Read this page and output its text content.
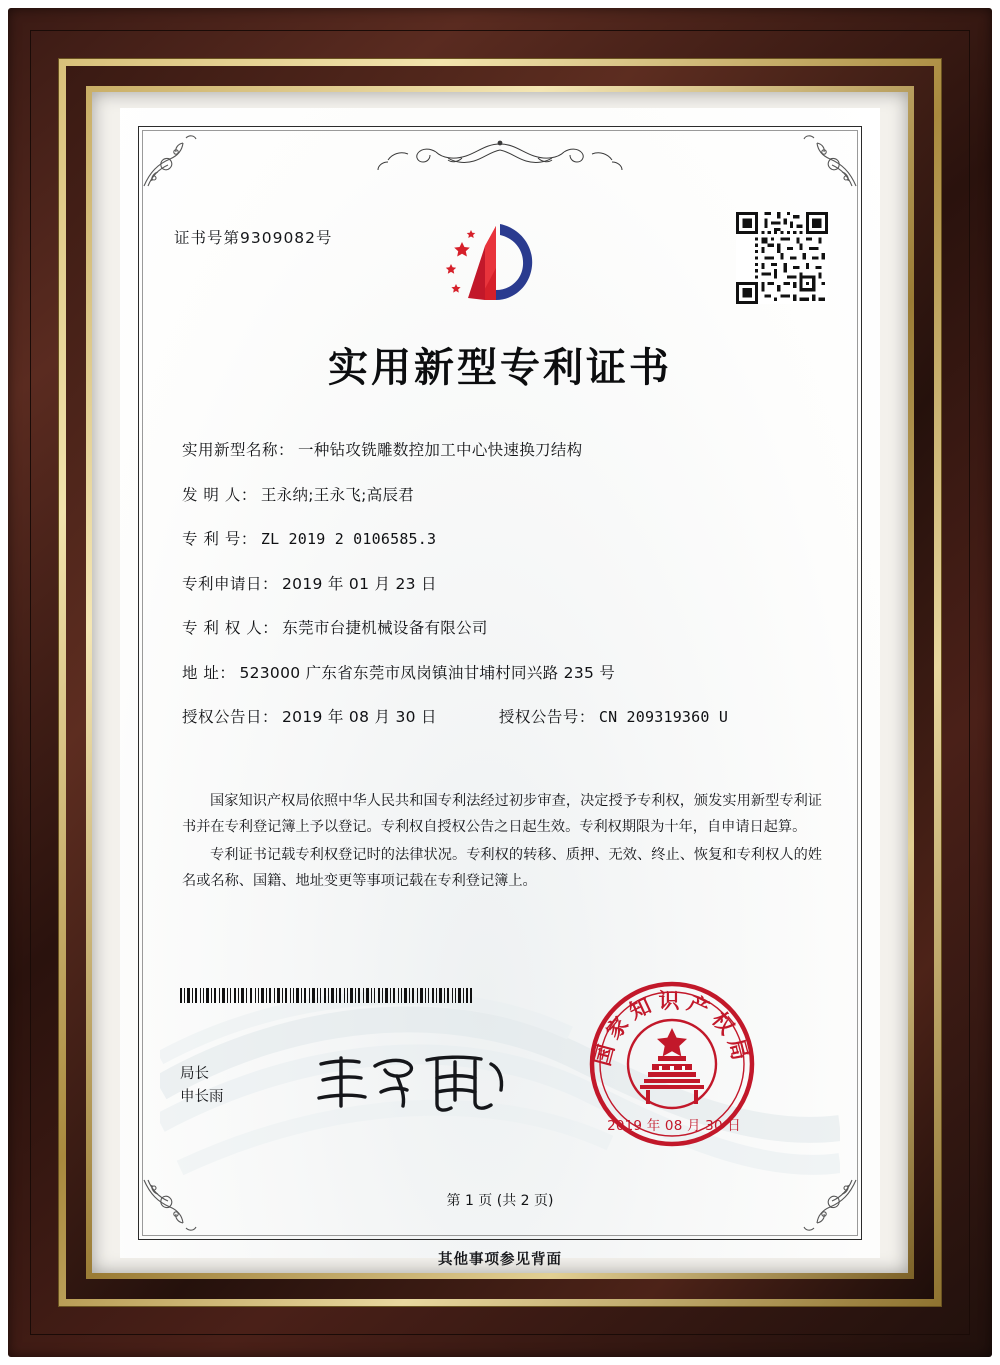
证书号第9309082号
实用新型专利证书
实用新型名称： 一种钻攻铣雕数控加工中心快速换刀结构
发 明 人： 王永纳;王永飞;高辰君
专 利 号： ZL 2019 2 0106585.3
专利申请日： 2019 年 01 月 23 日
专 利 权 人： 东莞市台捷机械设备有限公司
地 址： 523000 广东省东莞市凤岗镇油甘埔村同兴路 235 号
授权公告日： 2019 年 08 月 30 日	授权公告号： CN 209319360 U

国家知识产权局依照中华人民共和国专利法经过初步审查，决定授予专利权，颁发实用新型专利证书并在专利登记簿上予以登记。专利权自授权公告之日起生效。专利权期限为十年，自申请日起算。

专利证书记载专利权登记时的法律状况。专利权的转移、质押、无效、终止、恢复和专利权人的姓名或名称、国籍、地址变更等事项记载在专利登记簿上。

局长
申长雨
国家知识产权局
2019 年 08 月 30 日
第 1 页 (共 2 页)
其他事项参见背面
